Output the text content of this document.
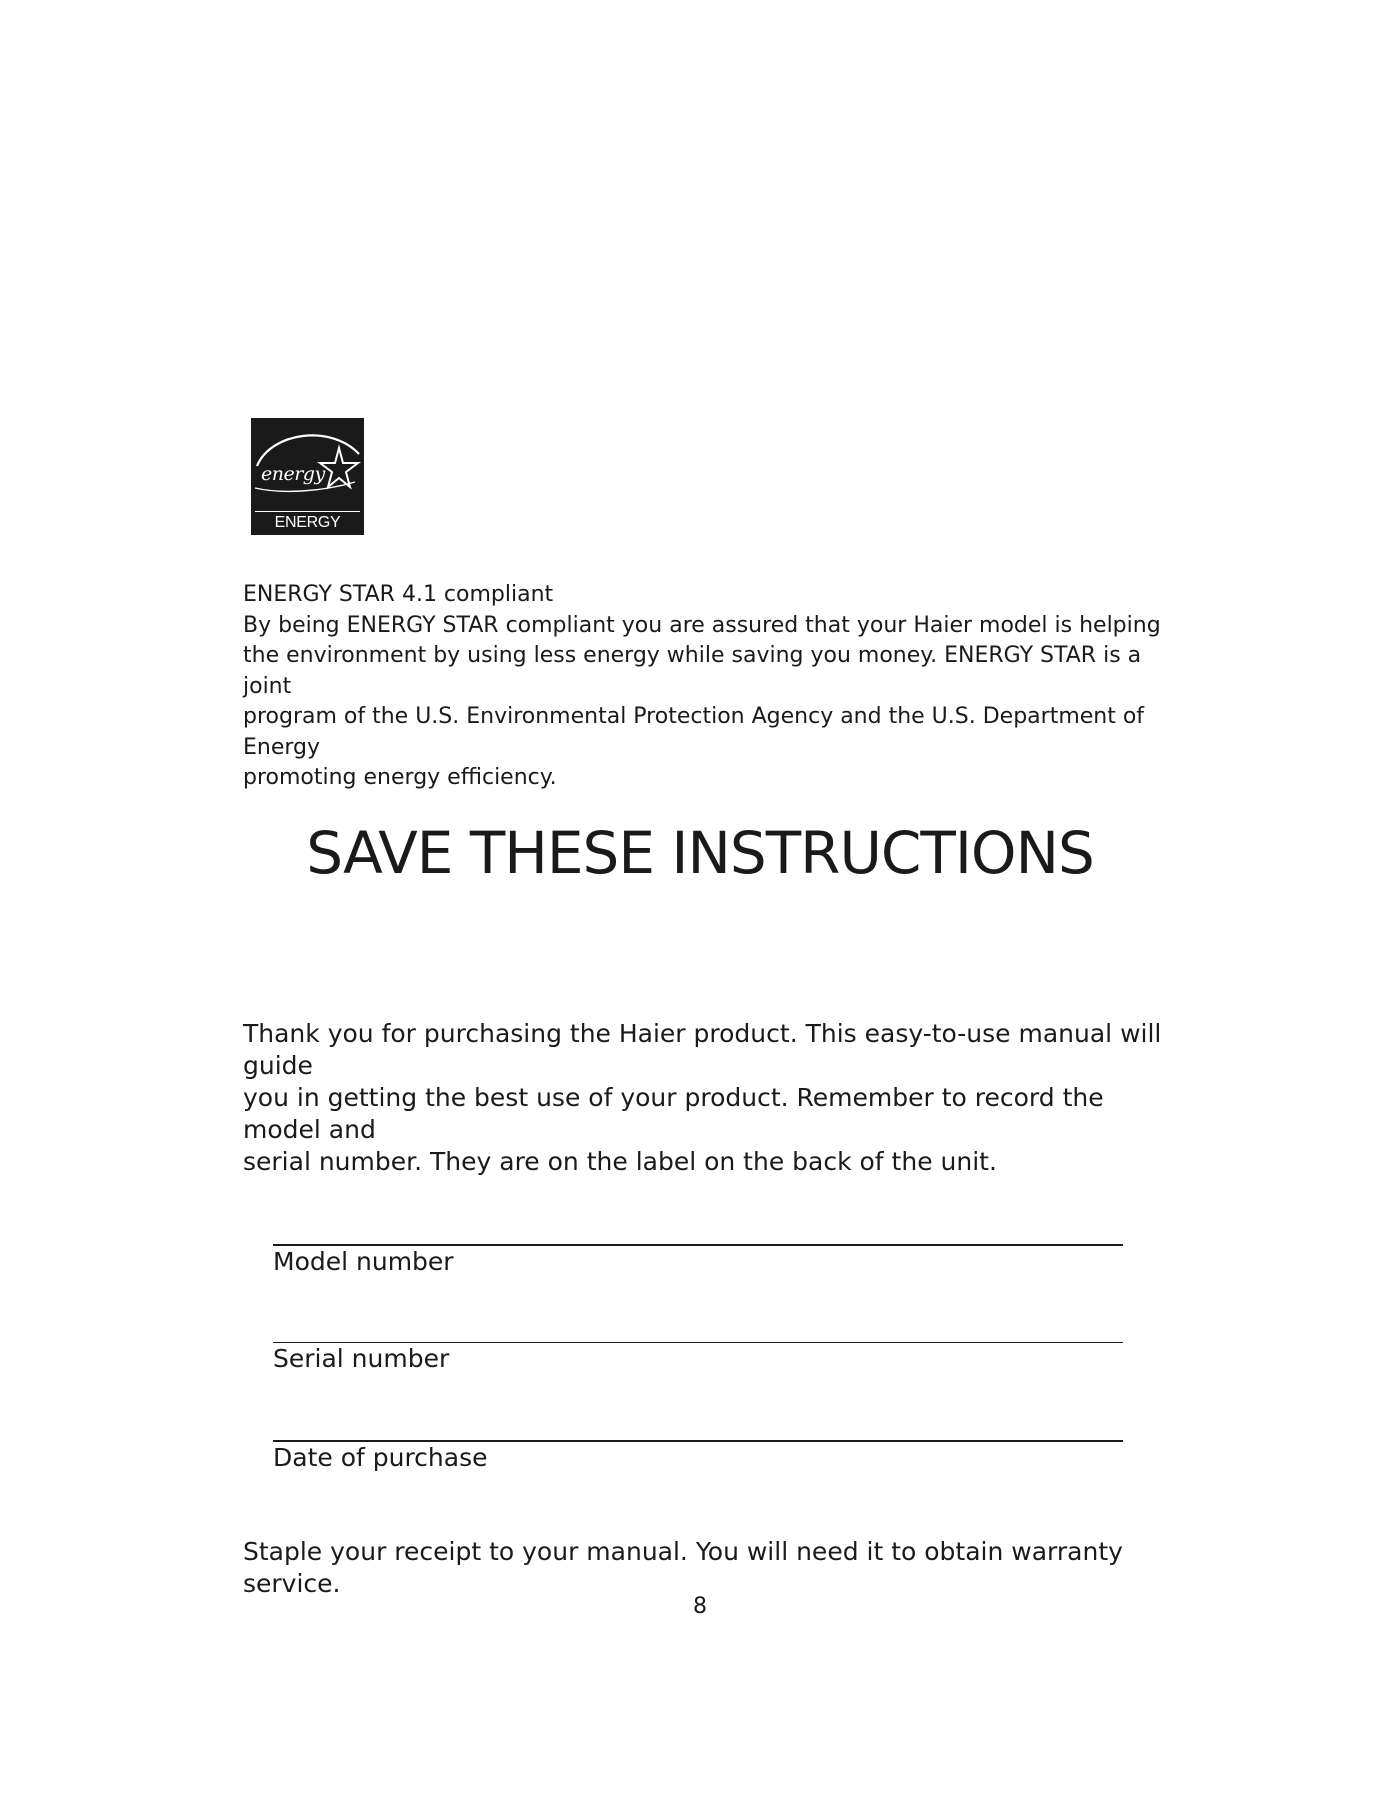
energy
ENERGY STAR

ENERGY STAR 4.1 compliant

By being ENERGY STAR compliant you are assured that your Haier model is helping

the environment by using less energy while saving you money. ENERGY STAR is a joint

program of the U.S. Environmental Protection Agency and the U.S. Department of Energy

promoting energy efficiency.

SAVE THESE INSTRUCTIONS
Thank you for purchasing the Haier product. This easy-to-use manual will guide
you in getting the best use of your product. Remember to record the model and
serial number. They are on the label on the back of the unit.
Model number
Serial number
Date of purchase

Staple your receipt to your manual. You will need it to obtain warranty service.

8
